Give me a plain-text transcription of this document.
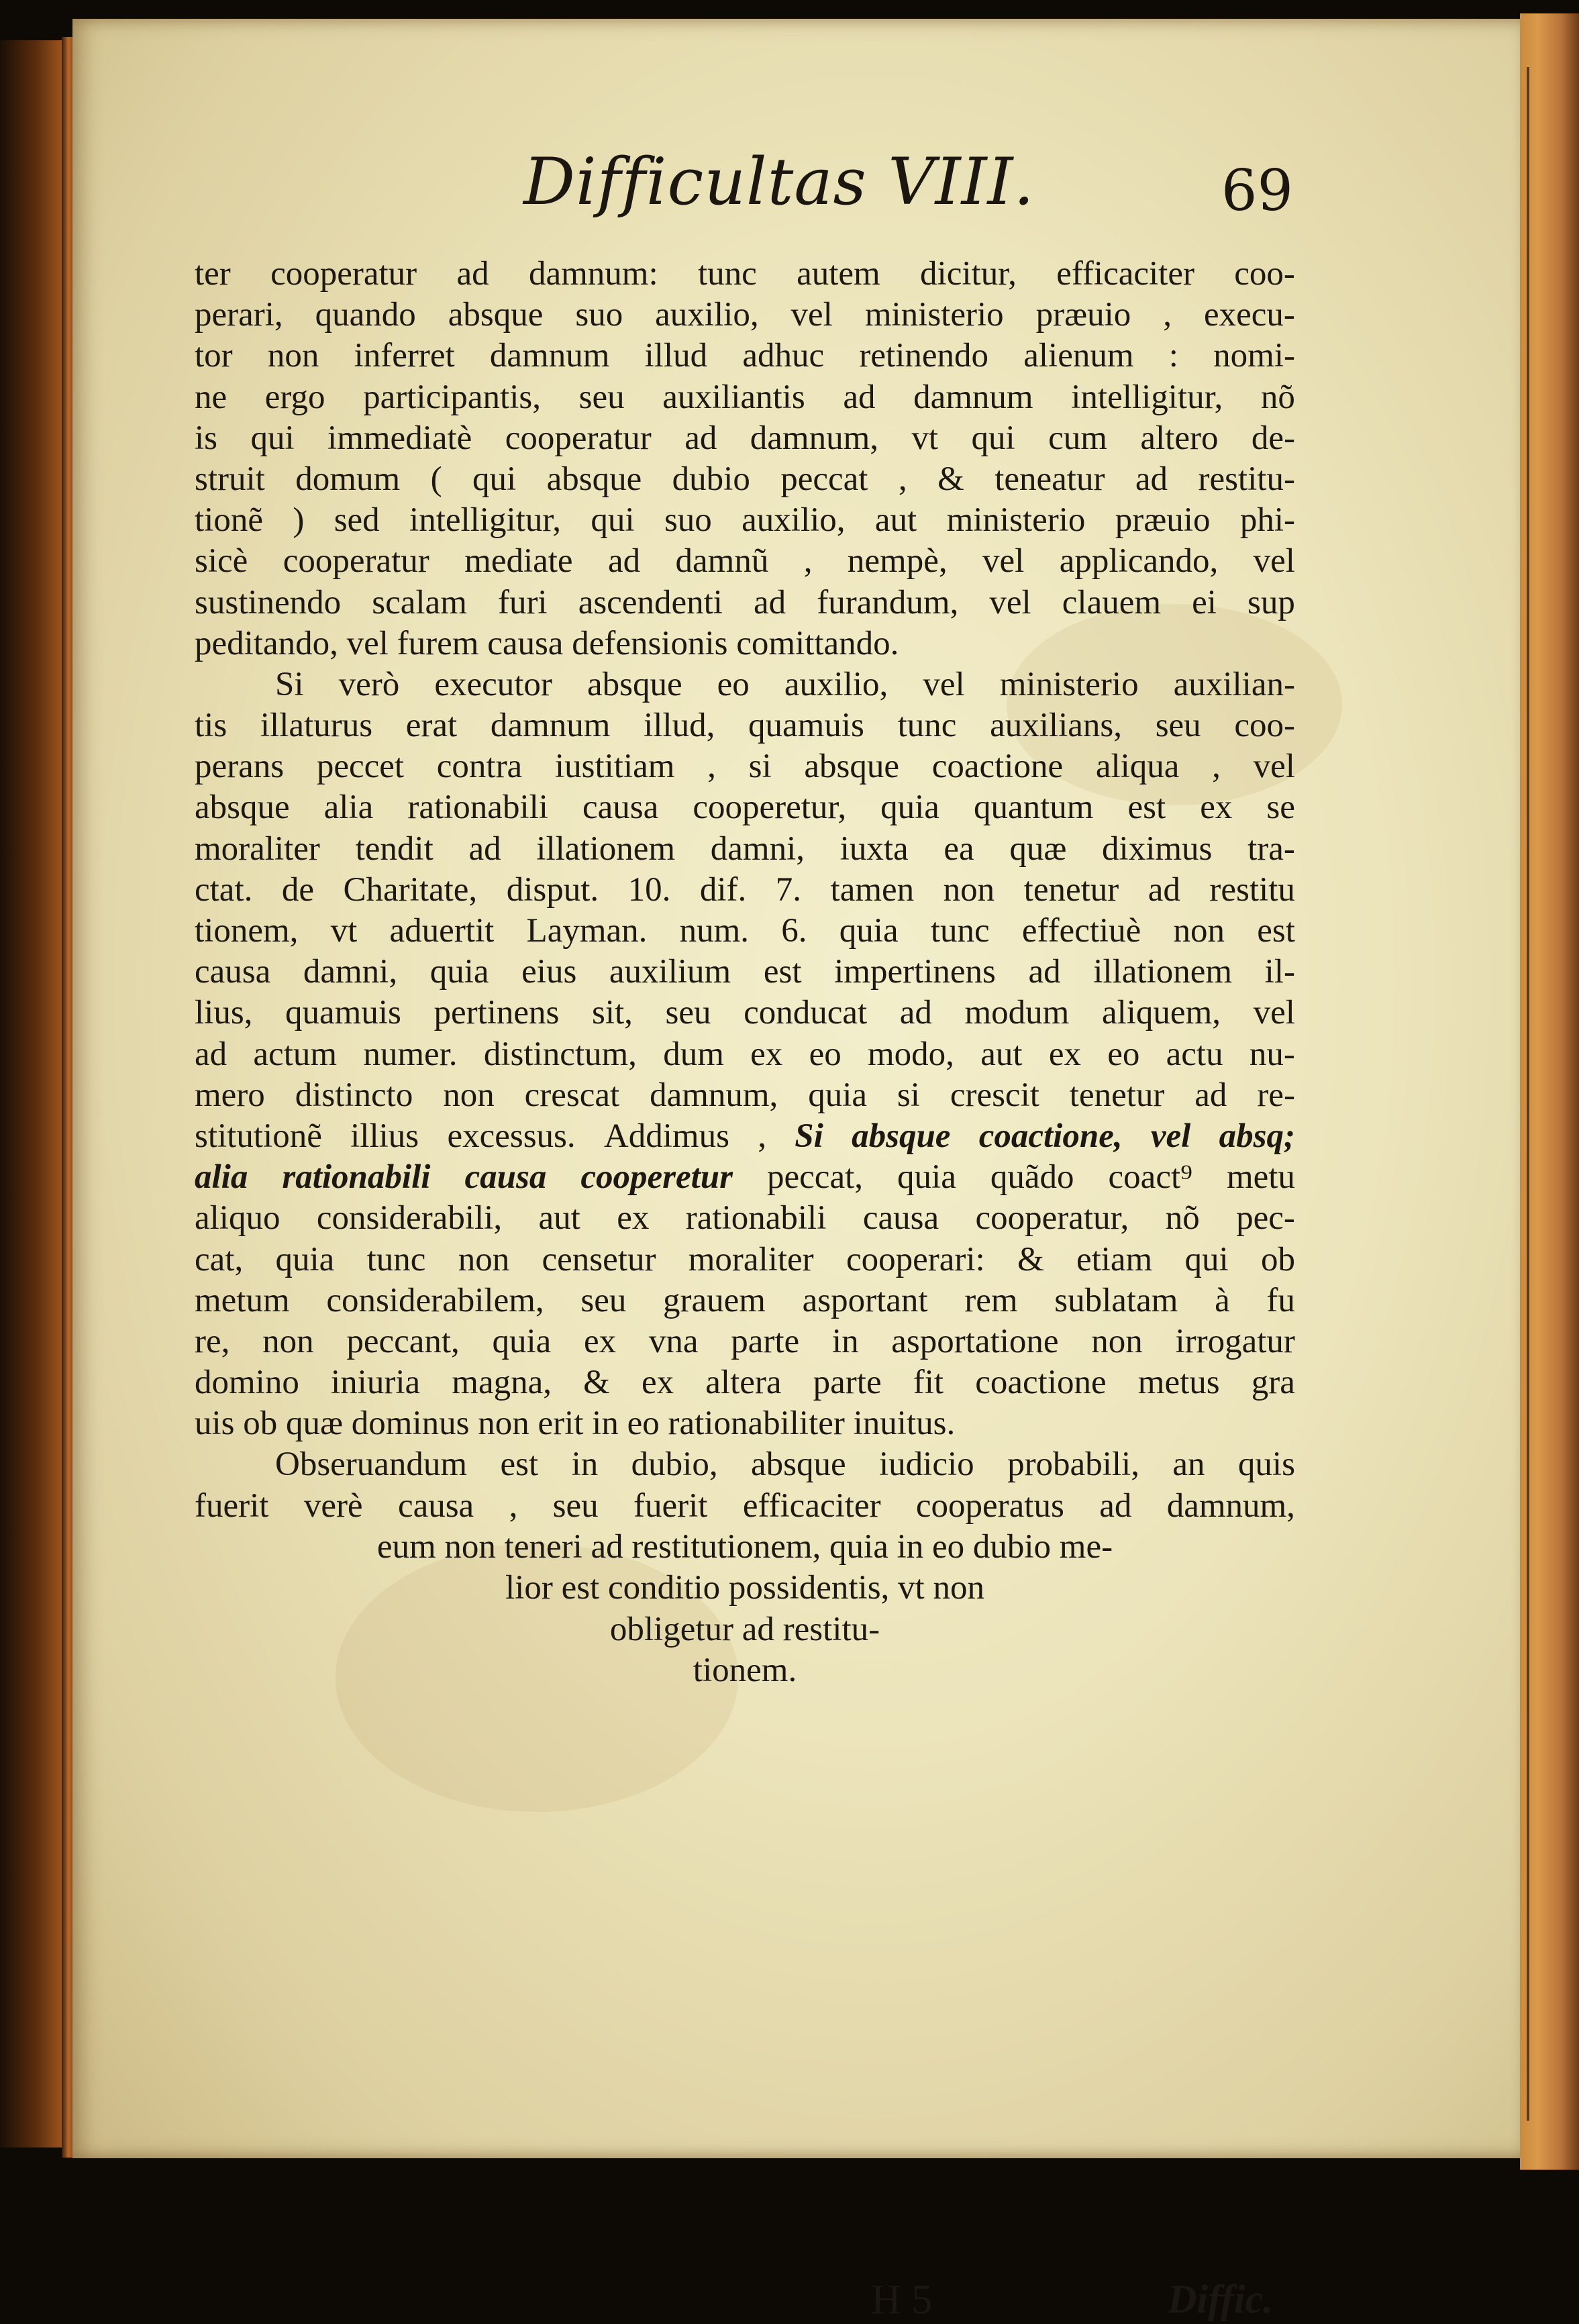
Difficultas VIII.	69
ter cooperatur ad damnum: tunc autem dicitur, efficaciter coo-
perari, quando absque suo auxilio, vel ministerio præuio , execu-
tor non inferret damnum illud adhuc retinendo alienum : nomi-
ne ergo participantis, seu auxiliantis ad damnum intelligitur, nõ
is qui immediatè cooperatur ad damnum, vt qui cum altero de-
struit domum ( qui absque dubio peccat , & teneatur ad restitu-
tionẽ ) sed intelligitur, qui suo auxilio, aut ministerio præuio phi-
sicè cooperatur mediate ad damnũ , nempè, vel applicando, vel
sustinendo scalam furi ascendenti ad furandum, vel clauem ei sup
peditando, vel furem causa defensionis comittando.
Si verò executor absque eo auxilio, vel ministerio auxilian-
tis illaturus erat damnum illud, quamuis tunc auxilians, seu coo-
perans peccet contra iustitiam , si absque coactione aliqua , vel
absque alia rationabili causa cooperetur, quia quantum est ex se
moraliter tendit ad illationem damni, iuxta ea quæ diximus tra-
ctat. de Charitate, disput. 10. dif. 7. tamen non tenetur ad restitu
tionem, vt aduertit Layman. num. 6. quia tunc effectiuè non est
causa damni, quia eius auxilium est impertinens ad illationem il-
lius, quamuis pertinens sit, seu conducat ad modum aliquem, vel
ad actum numer. distinctum, dum ex eo modo, aut ex eo actu nu-
mero distincto non crescat damnum, quia si crescit tenetur ad re-
stitutionẽ illius excessus. Addimus , Si absque coactione, vel absq;
alia rationabili causa cooperetur peccat, quia quãdo coact⁹ metu
aliquo considerabili, aut ex rationabili causa cooperatur, nõ pec-
cat, quia tunc non censetur moraliter cooperari: & etiam qui ob
metum considerabilem, seu grauem asportant rem sublatam à fu
re, non peccant, quia ex vna parte in asportatione non irrogatur
domino iniuria magna, & ex altera parte fit coactione metus gra
uis ob quæ dominus non erit in eo rationabiliter inuitus.
Obseruandum est in dubio, absque iudicio probabili, an quis
fuerit verè causa , seu fuerit efficaciter cooperatus ad damnum,
eum non teneri ad restitutionem, quia in eo dubio me-
lior est conditio possidentis, vt non
obligetur ad restitu-
tionem.
H 5	Diffic.
